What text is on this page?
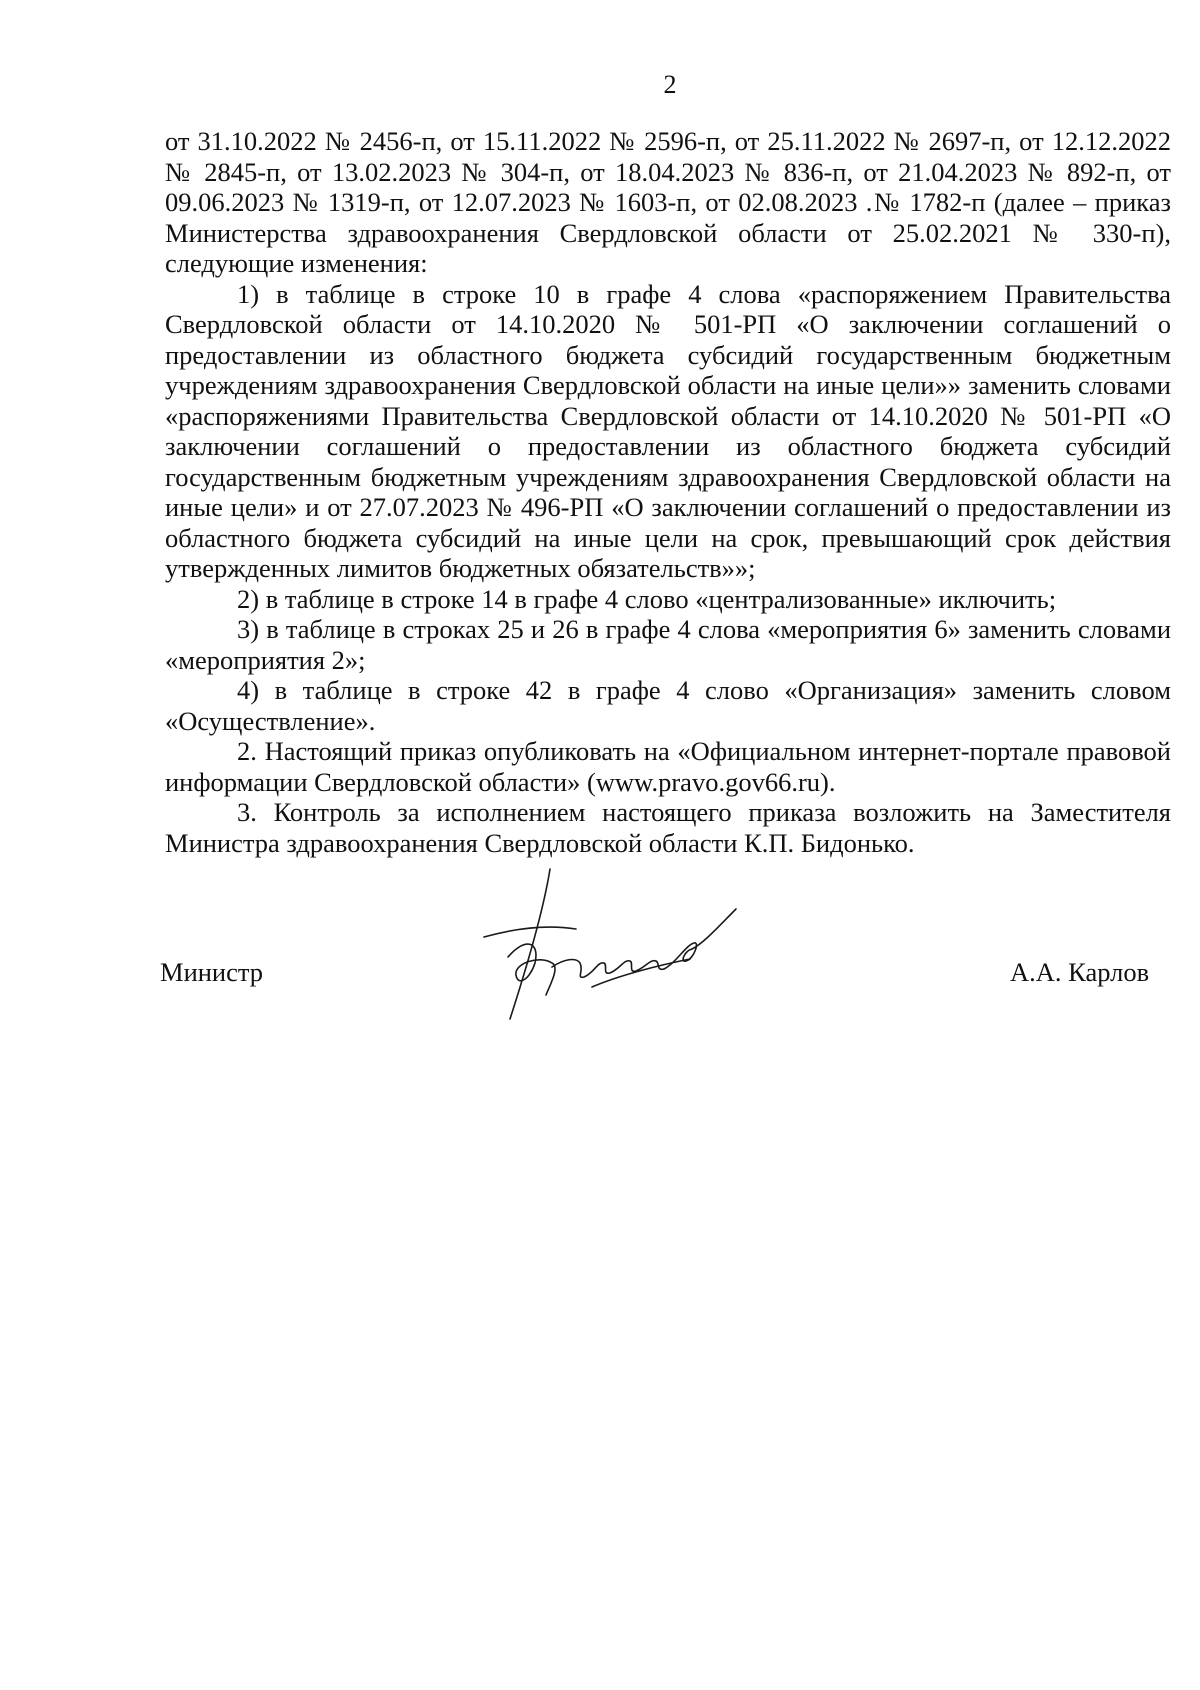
2

от 31.10.2022 № 2456-п, от 15.11.2022 № 2596-п, от 25.11.2022 № 2697-п, от 12.12.2022 № 2845-п, от 13.02.2023 № 304-п, от 18.04.2023 № 836-п, от 21.04.2023 № 892-п, от 09.06.2023 № 1319-п, от 12.07.2023 № 1603-п, от 02.08.2023 .№ 1782-п (далее – приказ Министерства здравоохранения Свердловской области от 25.02.2021 № 330-п), следующие изменения:

1) в таблице в строке 10 в графе 4 слова «распоряжением Правительства Свердловской области от 14.10.2020 № 501-РП «О заключении соглашений о предоставлении из областного бюджета субсидий государственным бюджетным учреждениям здравоохранения Свердловской области на иные цели»» заменить словами «распоряжениями Правительства Свердловской области от 14.10.2020 № 501-РП «О заключении соглашений о предоставлении из областного бюджета субсидий государственным бюджетным учреждениям здравоохранения Свердловской области на иные цели» и от 27.07.2023 № 496-РП «О заключении соглашений о предоставлении из областного бюджета субсидий на иные цели на срок, превышающий срок действия утвержденных лимитов бюджетных обязательств»»;

2) в таблице в строке 14 в графе 4 слово «централизованные» иключить;

3) в таблице в строках 25 и 26 в графе 4 слова «мероприятия 6» заменить словами «мероприятия 2»;

4) в таблице в строке 42 в графе 4 слово «Организация» заменить словом «Осуществление».

2. Настоящий приказ опубликовать на «Официальном интернет-портале правовой информации Свердловской области» (www.pravo.gov66.ru).

3. Контроль за исполнением настоящего приказа возложить на Заместителя Министра здравоохранения Свердловской области К.П. Бидонько.

Министр	А.А. Карлов
